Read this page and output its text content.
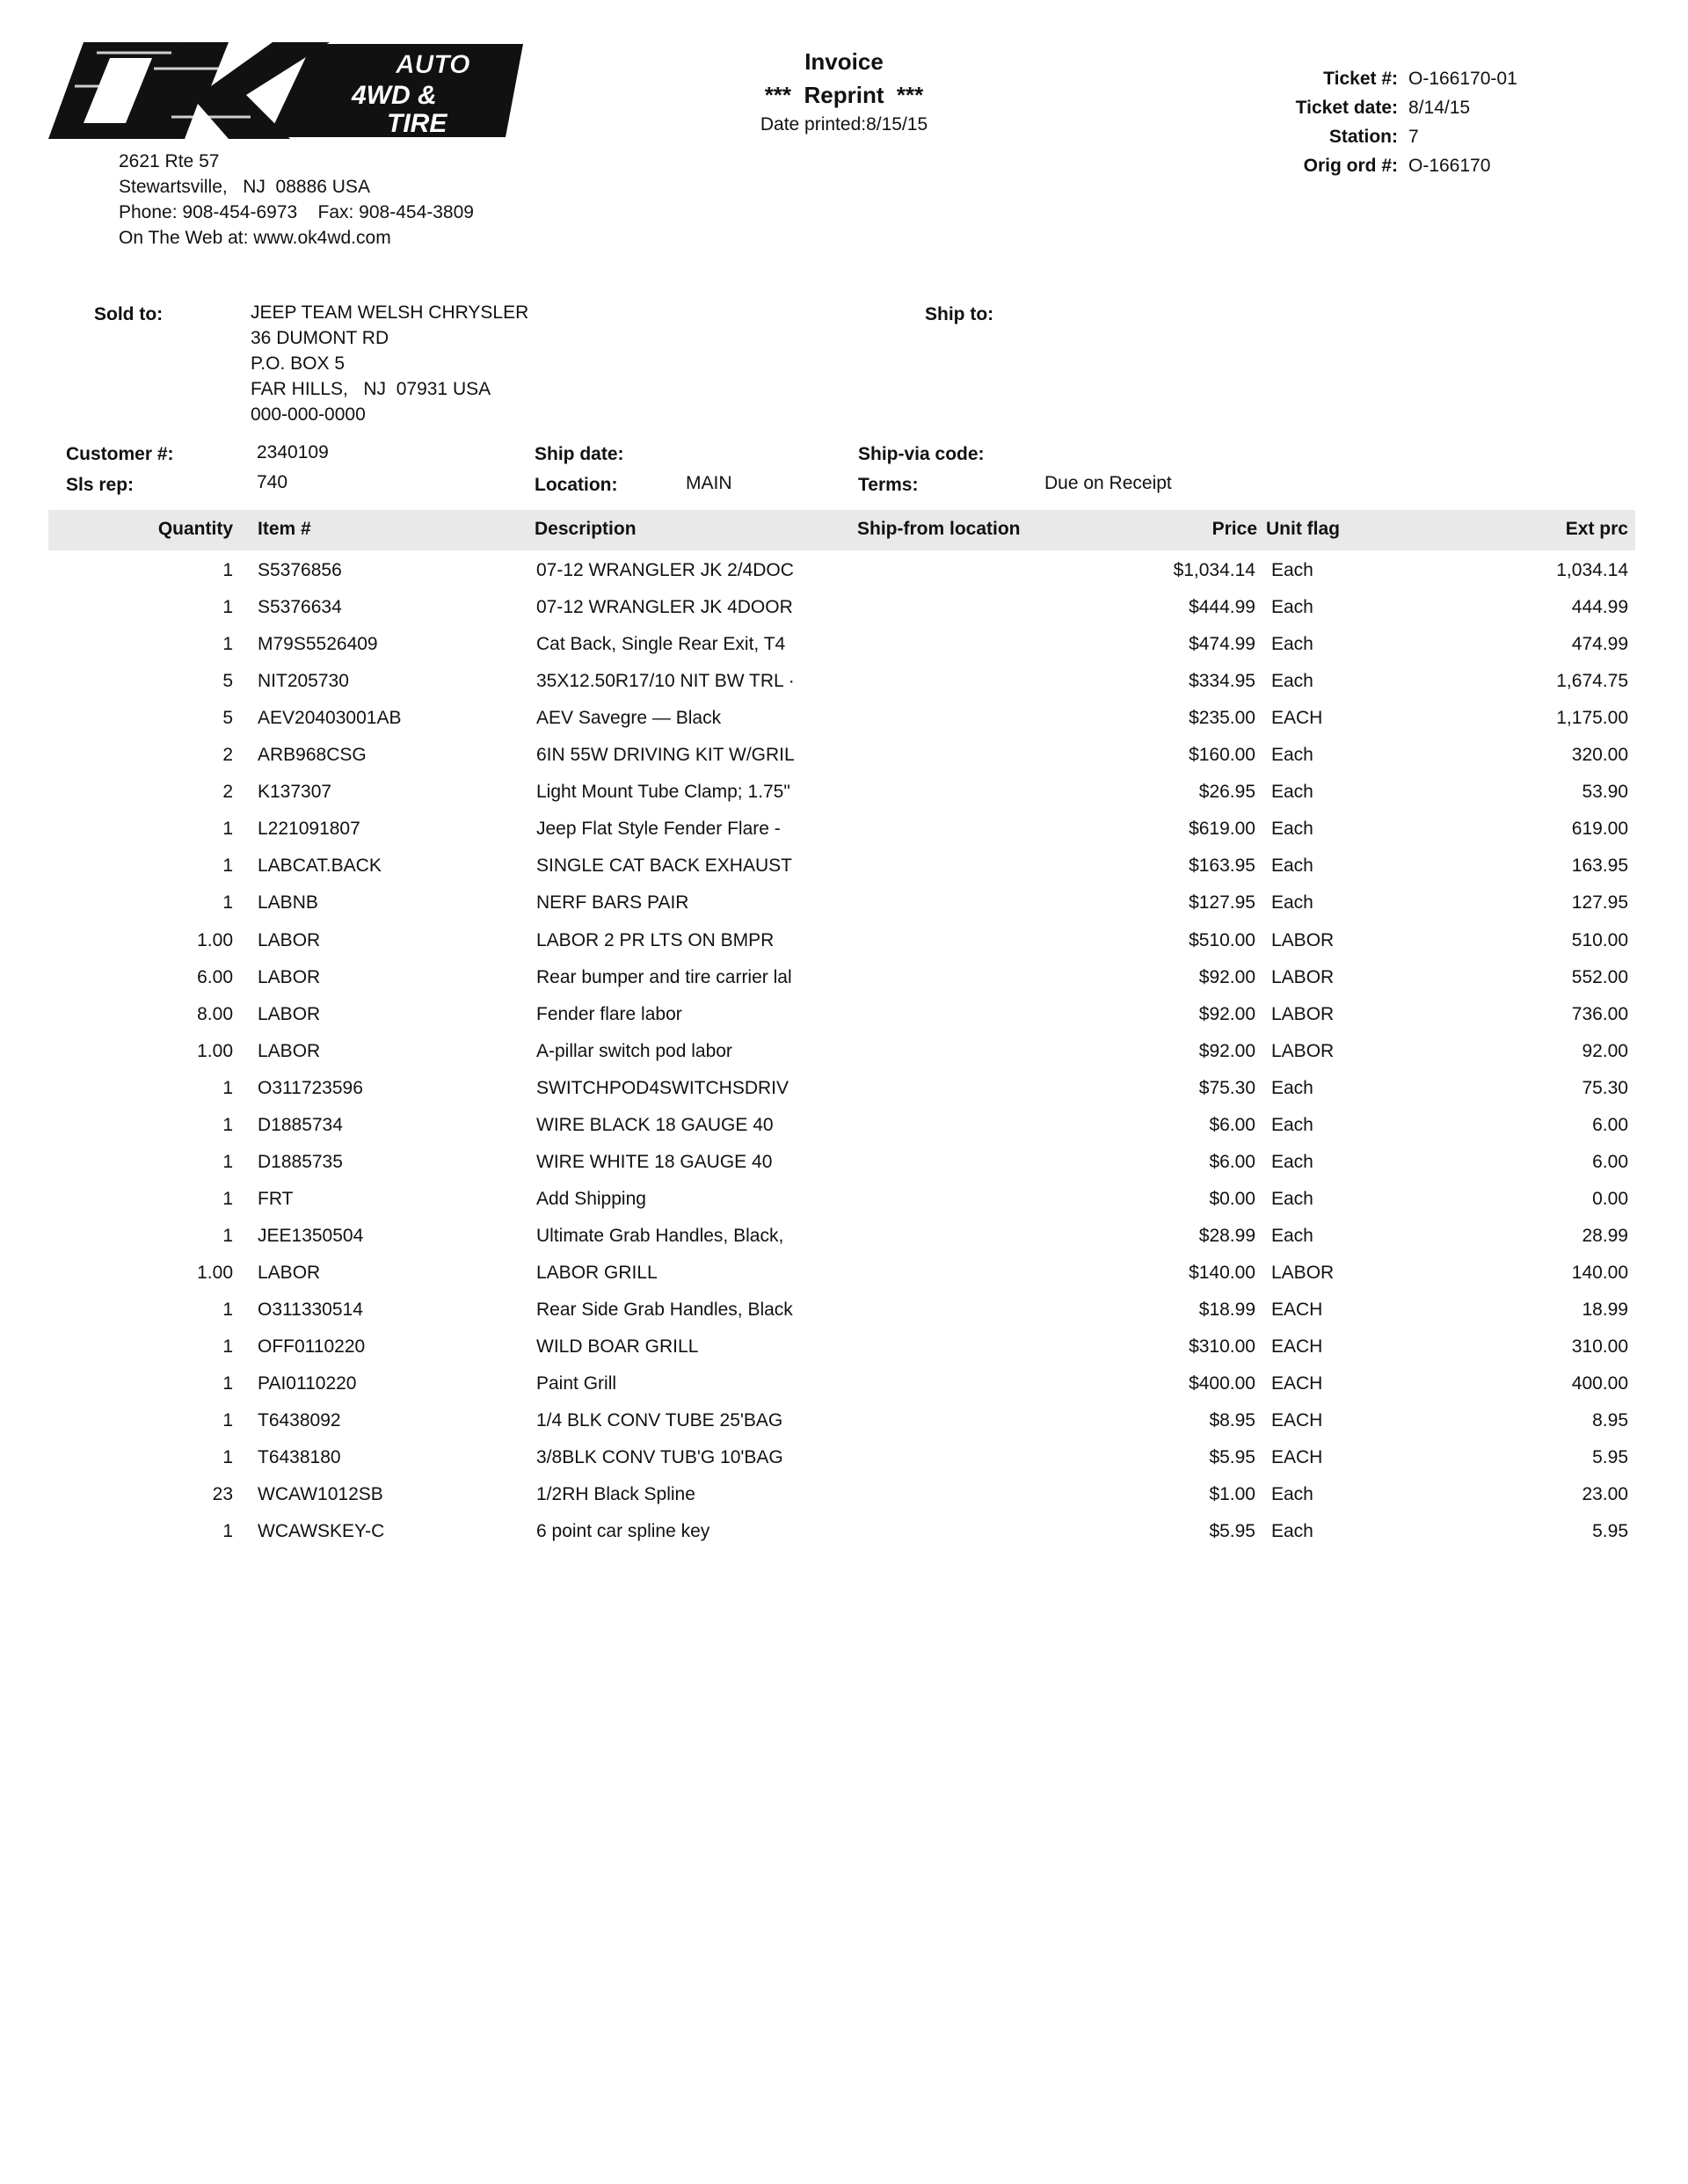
AUTO
4WD &
TIRE
2621 Rte 57
Stewartsville,   NJ  08886 USA
Phone: 908-454-6973    Fax: 908-454-3809
On The Web at: www.ok4wd.com
Invoice
***  Reprint  ***
Date printed:8/15/15
Ticket #: O-166170-01
Ticket date: 8/14/15
Station: 7
Orig ord #: O-166170
Sold to:	JEEP TEAM WELSH CHRYSLER
36 DUMONT RD
P.O. BOX 5
FAR HILLS,   NJ  07931 USA
000-000-0000
Ship to:
Customer #:	2340109
Sls rep:	740
Ship date:
Location:	MAIN
Ship-via code:
Terms:	Due on Receipt
Quantity Item #	Description	Ship-from location	Price Unit flag	Ext prc
1 S5376856	07-12 WRANGLER JK 2/4DOC	$1,034.14 Each	1,034.14
1 S5376634	07-12 WRANGLER JK 4DOOR	$444.99 Each	444.99
1 M79S5526409	Cat Back, Single Rear Exit, T4	$474.99 Each	474.99
5 NIT205730	35X12.50R17/10 NIT BW TRL ·	$334.95 Each	1,674.75
5 AEV20403001AB	AEV Savegre — Black	$235.00 EACH	1,175.00
2 ARB968CSG	6IN 55W DRIVING KIT W/GRIL	$160.00 Each	320.00
2 K137307	Light Mount Tube Clamp; 1.75"	$26.95 Each	53.90
1 L221091807	Jeep Flat Style Fender Flare -	$619.00 Each	619.00
1 LABCAT.BACK	SINGLE CAT BACK EXHAUST	$163.95 Each	163.95
1 LABNB	NERF BARS PAIR	$127.95 Each	127.95
1.00 LABOR	LABOR 2 PR LTS ON BMPR	$510.00 LABOR	510.00
6.00 LABOR	Rear bumper and tire carrier lal	$92.00 LABOR	552.00
8.00 LABOR	Fender flare labor	$92.00 LABOR	736.00
1.00 LABOR	A-pillar switch pod labor	$92.00 LABOR	92.00
1 O311723596	SWITCHPOD4SWITCHSDRIV	$75.30 Each	75.30
1 D1885734	WIRE BLACK 18 GAUGE 40	$6.00 Each	6.00
1 D1885735	WIRE WHITE 18 GAUGE 40	$6.00 Each	6.00
1 FRT	Add Shipping	$0.00 Each	0.00
1 JEE1350504	Ultimate Grab Handles, Black,	$28.99 Each	28.99
1.00 LABOR	LABOR GRILL	$140.00 LABOR	140.00
1 O311330514	Rear Side Grab Handles, Black	$18.99 EACH	18.99
1 OFF0110220	WILD BOAR GRILL	$310.00 EACH	310.00
1 PAI0110220	Paint Grill	$400.00 EACH	400.00
1 T6438092	1/4 BLK CONV TUBE 25'BAG	$8.95 EACH	8.95
1 T6438180	3/8BLK CONV TUB'G 10'BAG	$5.95 EACH	5.95
23 WCAW1012SB	1/2RH Black Spline	$1.00 Each	23.00
1 WCAWSKEY-C	6 point car spline key	$5.95 Each	5.95
